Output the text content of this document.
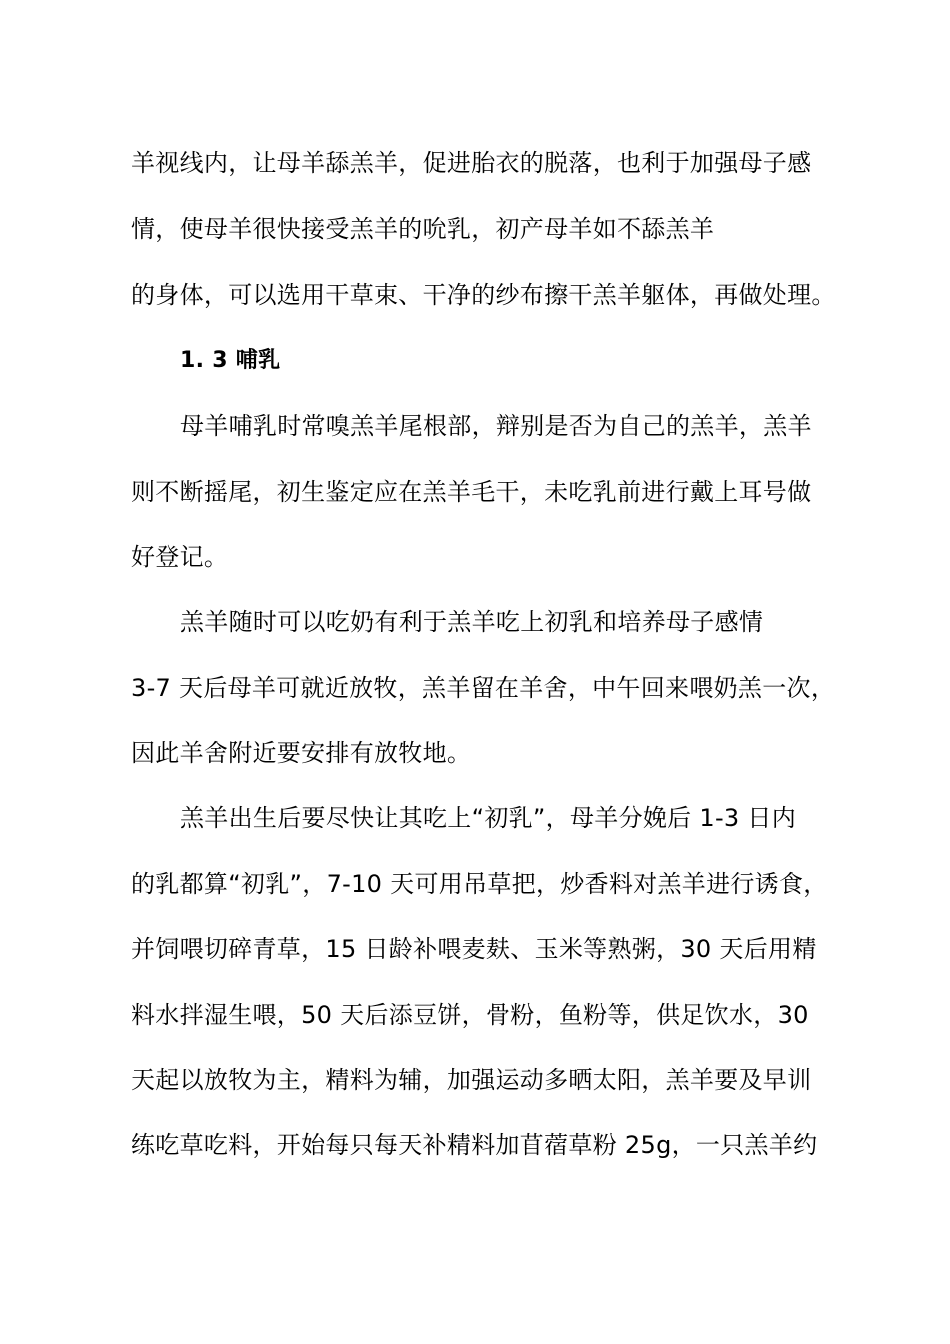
羊视线内，让母羊舔羔羊，促进胎衣的脱落，也利于加强母子感
情，使母羊很快接受羔羊的吮乳，初产母羊如不舔羔羊
的身体，可以选用干草束、干净的纱布擦干羔羊躯体，再做处理。
1. 3 哺乳
母羊哺乳时常嗅羔羊尾根部，辩别是否为自己的羔羊，羔羊
则不断摇尾，初生鉴定应在羔羊毛干，未吃乳前进行戴上耳号做
好登记。
羔羊随时可以吃奶有利于羔羊吃上初乳和培养母子感情
3-7 天后母羊可就近放牧，羔羊留在羊舍，中午回来喂奶羔一次，
因此羊舍附近要安排有放牧地。
羔羊出生后要尽快让其吃上“初乳”，母羊分娩后 1-3 日内
的乳都算“初乳”，7-10 天可用吊草把，炒香料对羔羊进行诱食，
并饲喂切碎青草，15 日龄补喂麦麸、玉米等熟粥，30 天后用精
料水拌湿生喂，50 天后添豆饼，骨粉，鱼粉等，供足饮水，30
天起以放牧为主，精料为辅，加强运动多晒太阳，羔羊要及早训
练吃草吃料，开始每只每天补精料加苜蓿草粉 25g，一只羔羊约
